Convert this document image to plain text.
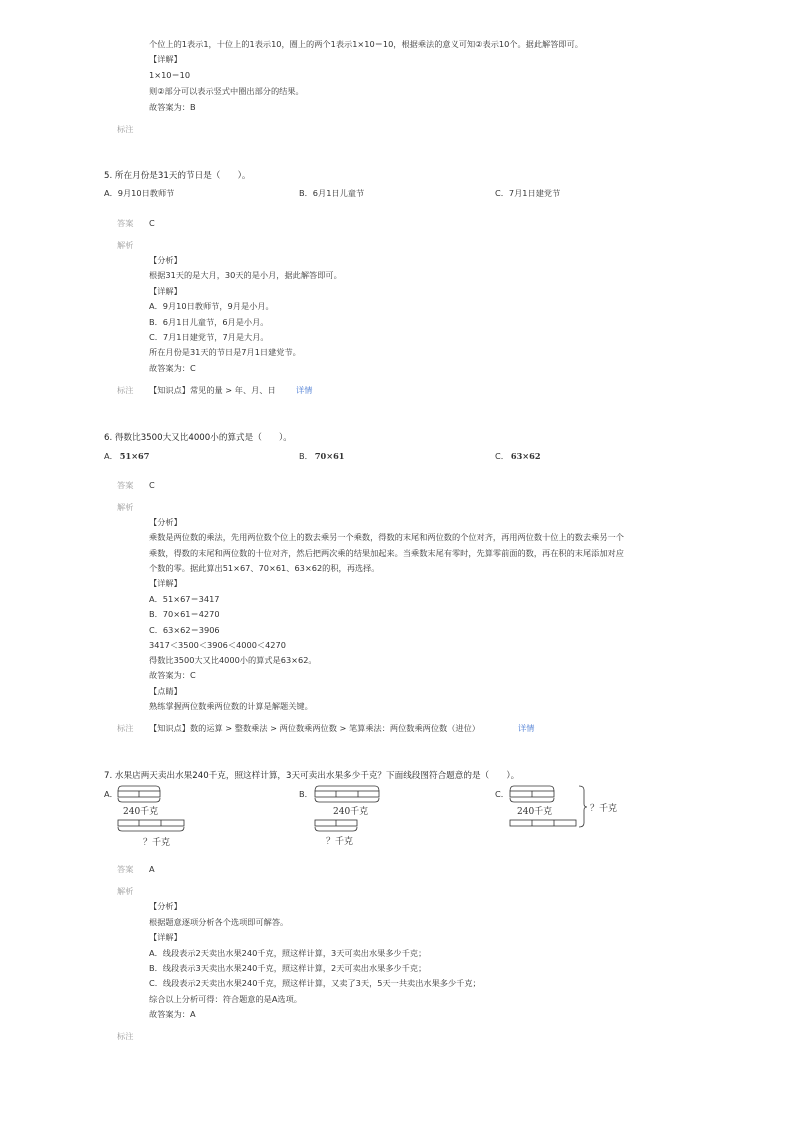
个位上的1表示1，十位上的1表示10，圈上的两个1表示1×10＝10，根据乘法的意义可知②表示10个。据此解答即可。
【详解】
1×10＝10
则②部分可以表示竖式中圈出部分的结果。
故答案为：B
标注
5. 所在月份是31天的节日是（　　）。
A．9月10日教师节	B．6月1日儿童节	C．7月1日建党节
答案 C
解析
【分析】
根据31天的是大月，30天的是小月，据此解答即可。
【详解】
A．9月10日教师节，9月是小月。
B．6月1日儿童节，6月是小月。
C．7月1日建党节，7月是大月。
所在月份是31天的节日是7月1日建党节。
故答案为：C
标注 【知识点】常见的量 > 年、月、日 详情
6. 得数比3500大又比4000小的算式是（　　）。
A． 51×67	B． 70×61	C． 63×62
答案 C
解析
【分析】
乘数是两位数的乘法，先用两位数个位上的数去乘另一个乘数，得数的末尾和两位数的个位对齐，再用两位数十位上的数去乘另一个
乘数，得数的末尾和两位数的十位对齐，然后把两次乘的结果加起来。当乘数末尾有零时，先算零前面的数，再在积的末尾添加对应
个数的零。据此算出51×67、70×61、63×62的积，再选择。
【详解】
A．51×67＝3417
B．70×61＝4270
C．63×62＝3906
3417＜3500＜3906＜4000＜4270
得数比3500大又比4000小的算式是63×62。
故答案为：C
【点睛】
熟练掌握两位数乘两位数的计算是解题关键。
标注 【知识点】数的运算 > 整数乘法 > 两位数乘两位数 > 笔算乘法：两位数乘两位数（进位）	详情
7. 水果店两天卖出水果240千克，照这样计算，3天可卖出水果多少千克？下面线段图符合题意的是（　　）。
A．
240千克
？千克
B．
240千克
？千克
C．
240千克	？千克
答案 A
解析
【分析】
根据题意逐项分析各个选项即可解答。
【详解】
A．线段表示2天卖出水果240千克，照这样计算，3天可卖出水果多少千克；
B．线段表示3天卖出水果240千克，照这样计算，2天可卖出水果多少千克；
C．线段表示2天卖出水果240千克，照这样计算，又卖了3天，5天一共卖出水果多少千克；
综合以上分析可得：符合题意的是A选项。
故答案为：A
标注
